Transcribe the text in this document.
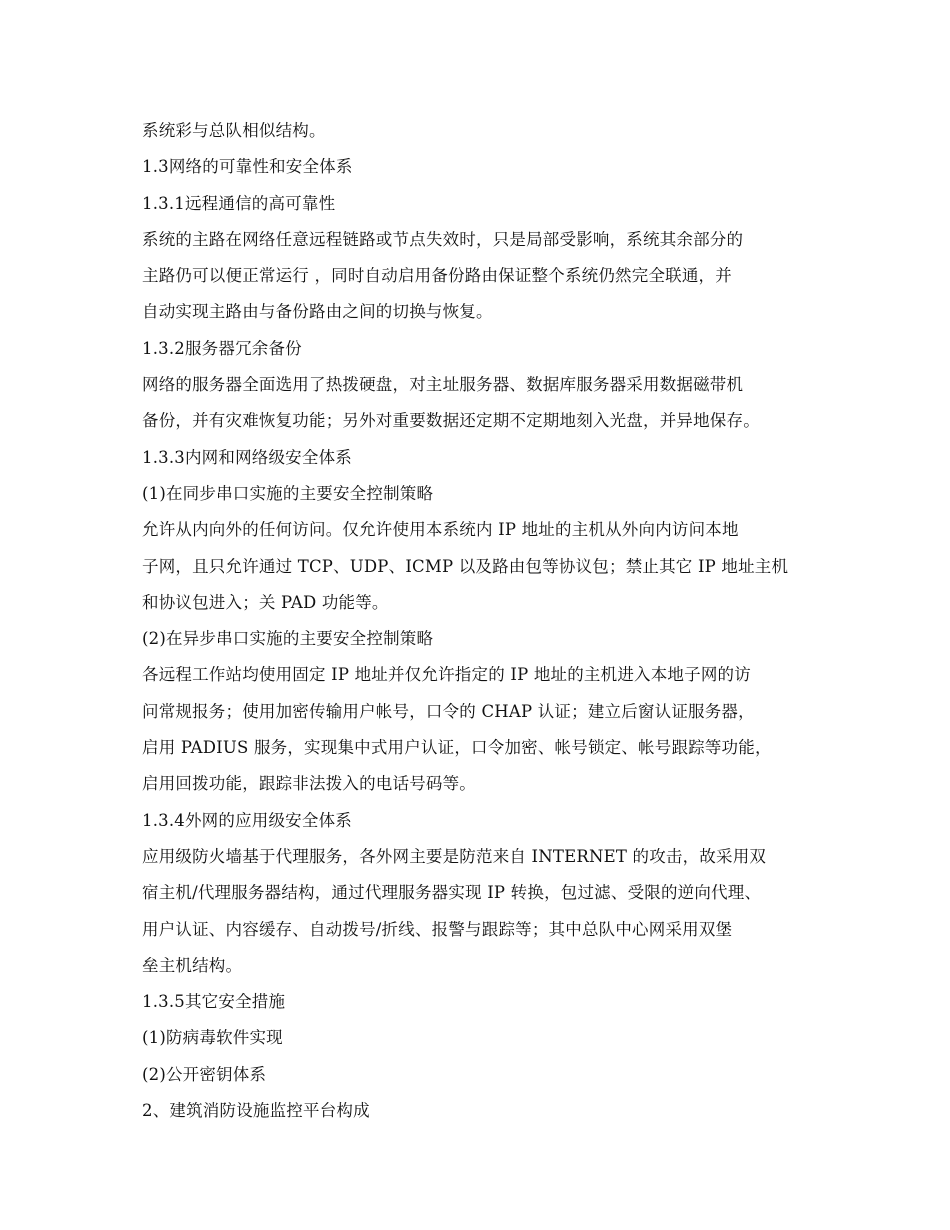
系统彩与总队相似结构。
1.3网络的可靠性和安全体系
1.3.1远程通信的高可靠性
系统的主路在网络任意远程链路或节点失效时，只是局部受影响，系统其余部分的
主路仍可以便正常运行 ，同时自动启用备份路由保证整个系统仍然完全联通，并
自动实现主路由与备份路由之间的切换与恢复。
1.3.2服务器冗余备份
网络的服务器全面选用了热拨硬盘，对主址服务器、数据库服务器采用数据磁带机
备份，并有灾难恢复功能；另外对重要数据还定期不定期地刻入光盘，并异地保存。
1.3.3内网和网络级安全体系
(1)在同步串口实施的主要安全控制策略
允许从内向外的任何访问。仅允许使用本系统内 IP 地址的主机从外向内访问本地
子网，且只允许通过 TCP、UDP、ICMP 以及路由包等协议包；禁止其它 IP 地址主机
和协议包进入；关 PAD 功能等。
(2)在异步串口实施的主要安全控制策略
各远程工作站均使用固定 IP 地址并仅允许指定的 IP 地址的主机进入本地子网的访
问常规报务；使用加密传输用户帐号，口令的 CHAP 认证；建立后窗认证服务器，
启用 PADIUS 服务，实现集中式用户认证，口令加密、帐号锁定、帐号跟踪等功能，
启用回拨功能，跟踪非法拨入的电话号码等。
1.3.4外网的应用级安全体系
应用级防火墙基于代理服务，各外网主要是防范来自 INTERNET 的攻击，故采用双
宿主机/代理服务器结构，通过代理服务器实现 IP 转换，包过滤、受限的逆向代理、
用户认证、内容缓存、自动拨号/折线、报警与跟踪等；其中总队中心网采用双堡
垒主机结构。
1.3.5其它安全措施
(1)防病毒软件实现
(2)公开密钥体系
2、建筑消防设施监控平台构成
